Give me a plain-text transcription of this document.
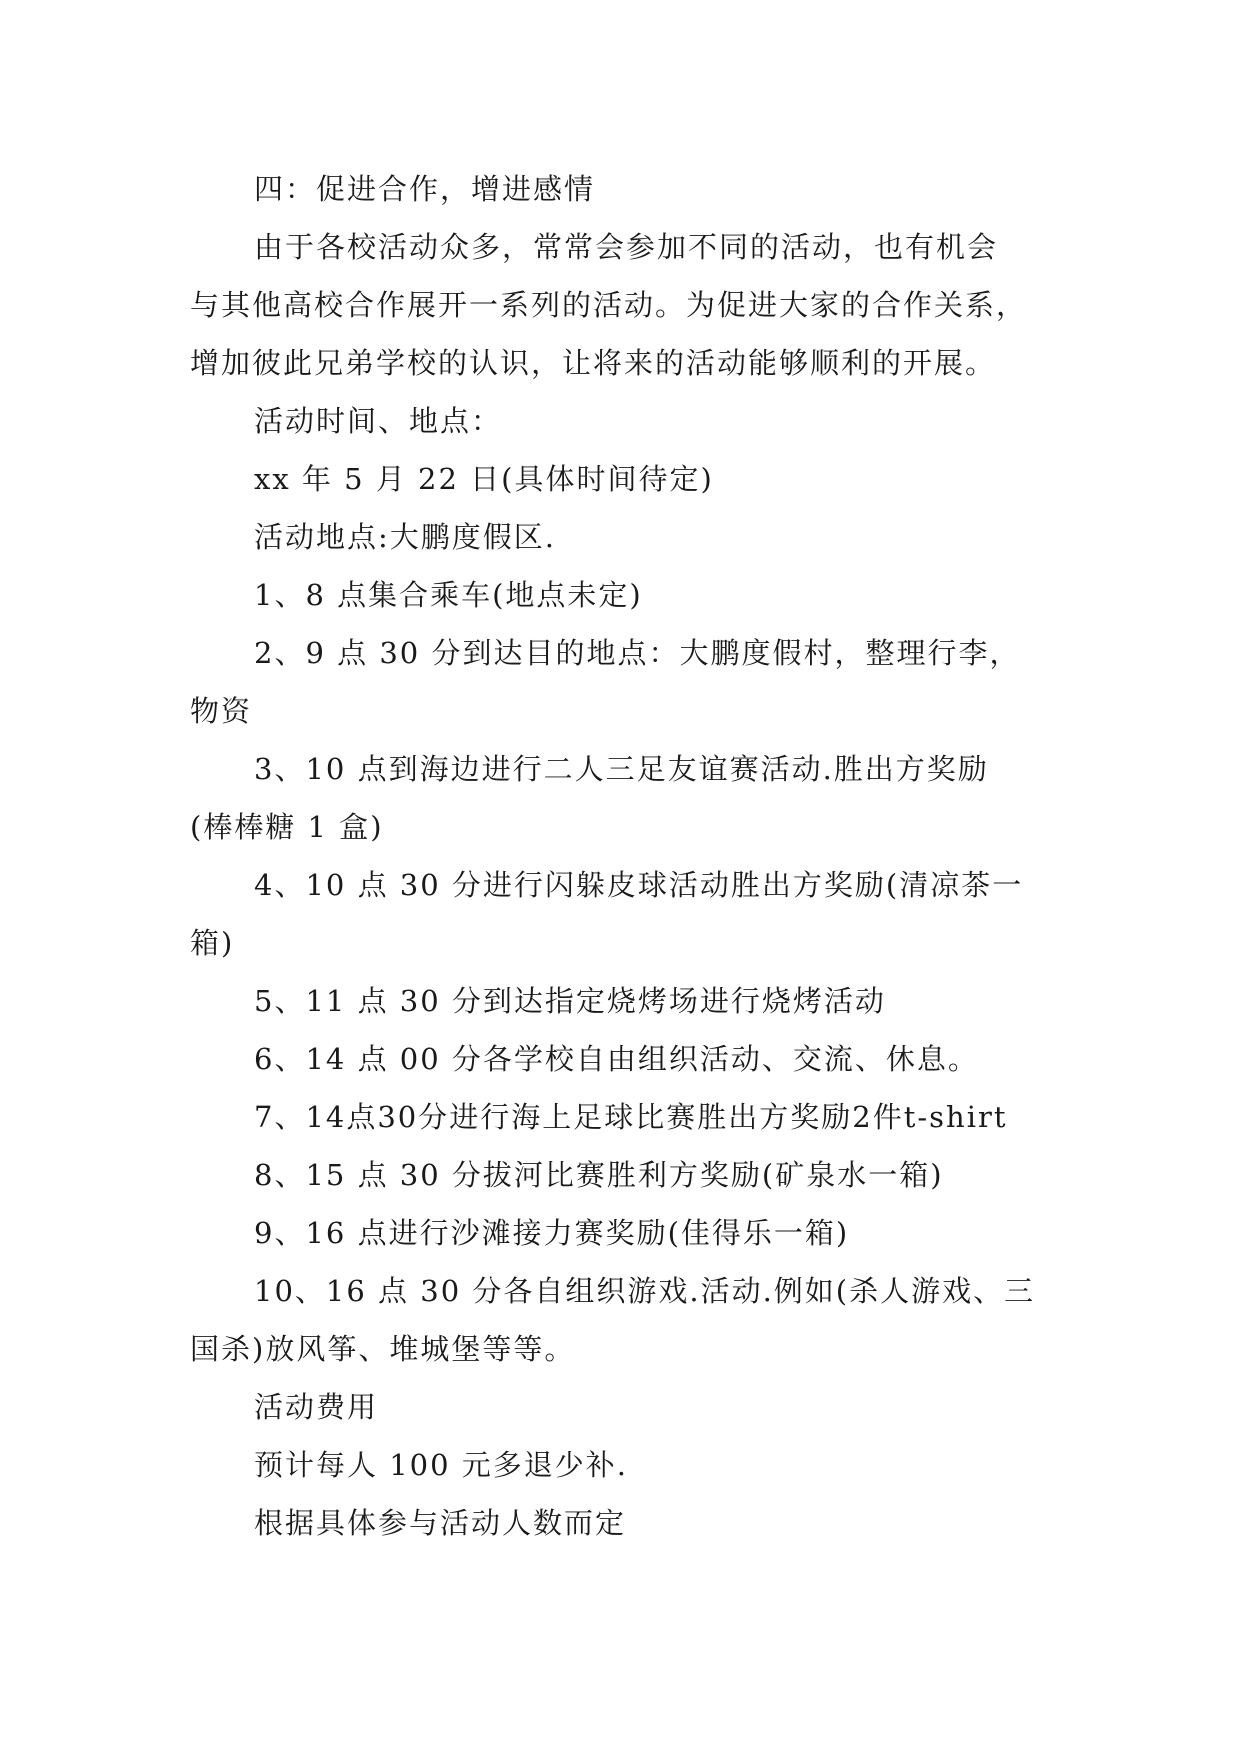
四：促进合作，增进感情

由于各校活动众多，常常会参加不同的活动，也有机会

与其他高校合作展开一系列的活动。为促进大家的合作关系，

增加彼此兄弟学校的认识，让将来的活动能够顺利的开展。

活动时间、地点：

xx 年 5 月 22 日(具体时间待定)

活动地点:大鹏度假区.

1、8 点集合乘车(地点未定)

2、9 点 30 分到达目的地点：大鹏度假村，整理行李，

物资

3、10 点到海边进行二人三足友谊赛活动.胜出方奖励

(棒棒糖 1 盒)

4、10 点 30 分进行闪躲皮球活动胜出方奖励(清凉茶一

箱)

5、11 点 30 分到达指定烧烤场进行烧烤活动

6、14 点 00 分各学校自由组织活动、交流、休息。

7、14点30分进行海上足球比赛胜出方奖励2件t-shirt

8、15 点 30 分拔河比赛胜利方奖励(矿泉水一箱)

9、16 点进行沙滩接力赛奖励(佳得乐一箱)

10、16 点 30 分各自组织游戏.活动.例如(杀人游戏、三

国杀)放风筝、堆城堡等等。

活动费用

预计每人 100 元多退少补.

根据具体参与活动人数而定
